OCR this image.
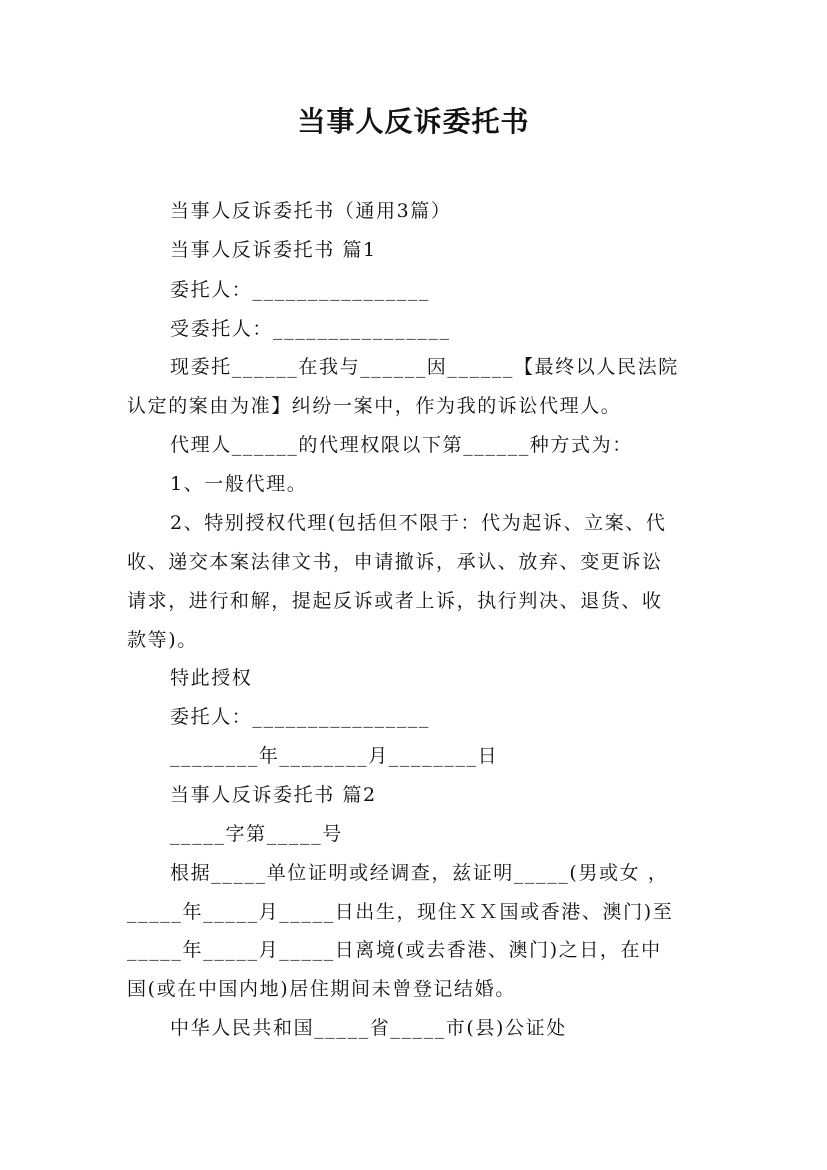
当事人反诉委托书
当事人反诉委托书（通用3篇）
当事人反诉委托书 篇1
委托人：________________
受委托人：________________
现委托______在我与______因______【最终以人民法院
认定的案由为准】纠纷一案中，作为我的诉讼代理人。
代理人______的代理权限以下第______种方式为：
1、一般代理。
2、特别授权代理(包括但不限于：代为起诉、立案、代
收、递交本案法律文书，申请撤诉，承认、放弃、变更诉讼
请求，进行和解，提起反诉或者上诉，执行判决、退货、收
款等)。
特此授权
委托人：________________
________年________月________日
当事人反诉委托书 篇2
_____字第_____号
根据_____单位证明或经调查，兹证明_____(男或女 ，
_____年_____月_____日出生，现住ＸＸ国或香港、澳门)至
_____年_____月_____日离境(或去香港、澳门)之日，在中
国(或在中国内地)居住期间未曾登记结婚。
中华人民共和国_____省_____市(县)公证处
